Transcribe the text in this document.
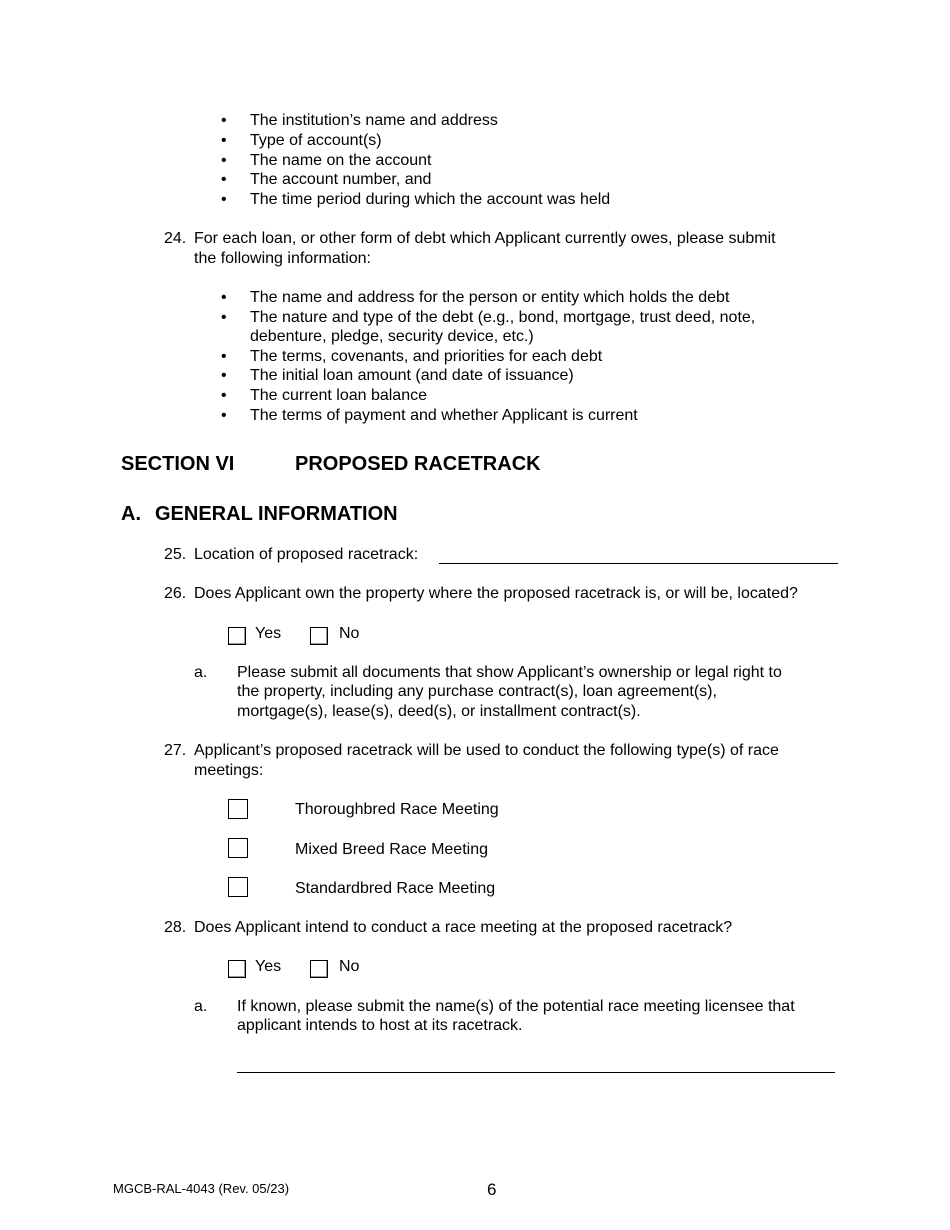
• The institution’s name and address
• Type of account(s)
• The name on the account
• The account number, and
• The time period during which the account was held
24. For each loan, or other form of debt which Applicant currently owes, please submit
the following information:
• The name and address for the person or entity which holds the debt
• The nature and type of the debt (e.g., bond, mortgage, trust deed, note,
debenture, pledge, security device, etc.)
• The terms, covenants, and priorities for each debt
• The initial loan amount (and date of issuance)
• The current loan balance
• The terms of payment and whether Applicant is current
SECTION VI	PROPOSED RACETRACK
A. GENERAL INFORMATION
25. Location of proposed racetrack:
26. Does Applicant own the property where the proposed racetrack is, or will be, located?
Yes	No
a. Please submit all documents that show Applicant’s ownership or legal right to
the property, including any purchase contract(s), loan agreement(s),
mortgage(s), lease(s), deed(s), or installment contract(s).
27. Applicant’s proposed racetrack will be used to conduct the following type(s) of race
meetings:
Thoroughbred Race Meeting
Mixed Breed Race Meeting
Standardbred Race Meeting
28. Does Applicant intend to conduct a race meeting at the proposed racetrack?
Yes	No
a. If known, please submit the name(s) of the potential race meeting licensee that
applicant intends to host at its racetrack.
MGCB-RAL-4043 (Rev. 05/23)	6
